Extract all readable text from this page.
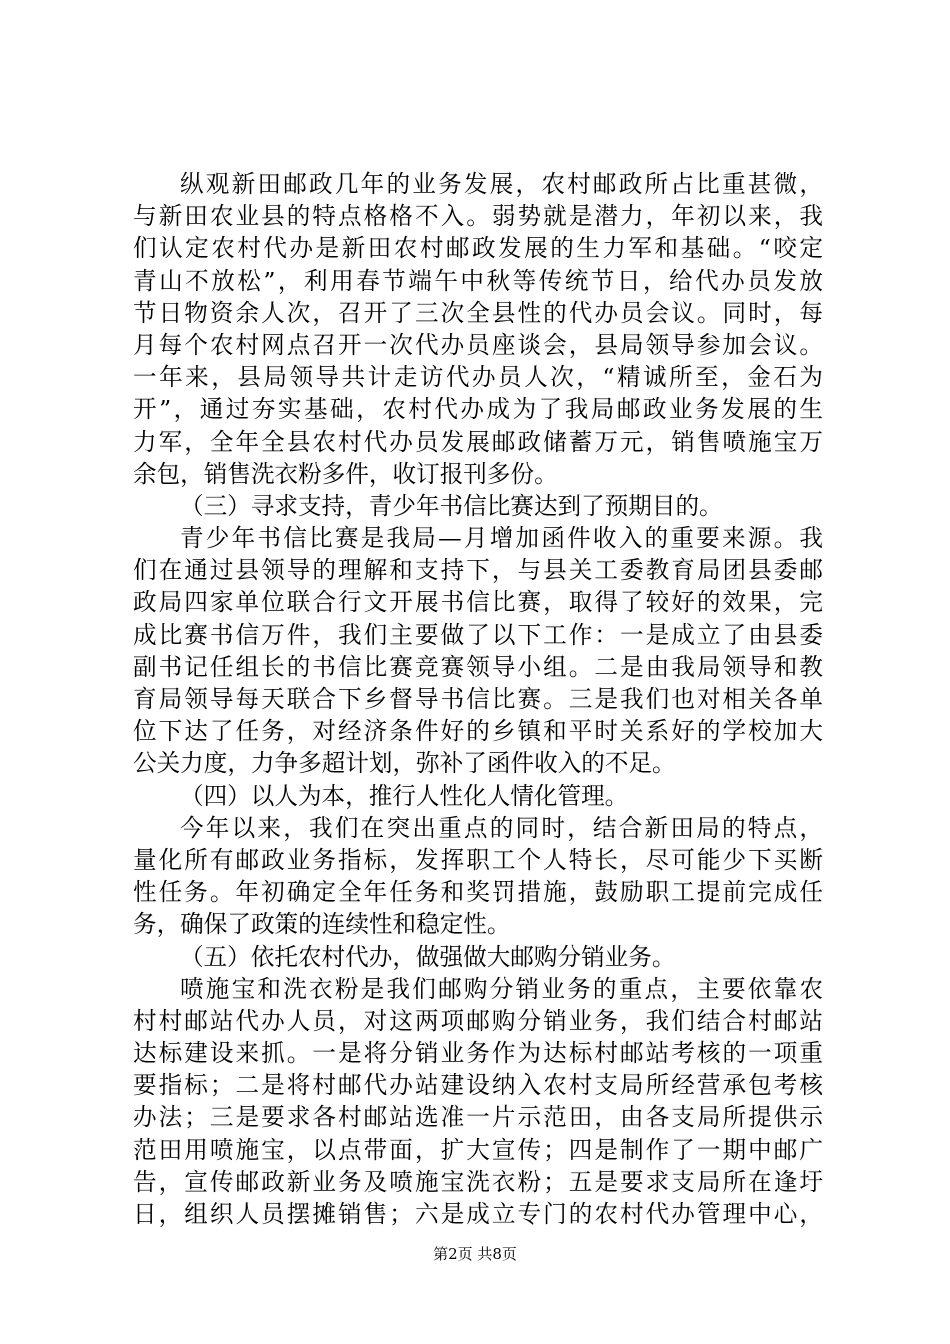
纵观新田邮政几年的业务发展，农村邮政所占比重甚微，
与新田农业县的特点格格不入。弱势就是潜力，年初以来，我
们认定农村代办是新田农村邮政发展的生力军和基础。“咬定
青山不放松”，利用春节端午中秋等传统节日，给代办员发放
节日物资余人次，召开了三次全县性的代办员会议。同时，每
月每个农村网点召开一次代办员座谈会，县局领导参加会议。
一年来，县局领导共计走访代办员人次，“精诚所至，金石为
开”，通过夯实基础，农村代办成为了我局邮政业务发展的生
力军，全年全县农村代办员发展邮政储蓄万元，销售喷施宝万
余包，销售洗衣粉多件，收订报刊多份。
（三）寻求支持，青少年书信比赛达到了预期目的。
青少年书信比赛是我局—月增加函件收入的重要来源。我
们在通过县领导的理解和支持下，与县关工委教育局团县委邮
政局四家单位联合行文开展书信比赛，取得了较好的效果，完
成比赛书信万件，我们主要做了以下工作：一是成立了由县委
副书记任组长的书信比赛竞赛领导小组。二是由我局领导和教
育局领导每天联合下乡督导书信比赛。三是我们也对相关各单
位下达了任务，对经济条件好的乡镇和平时关系好的学校加大
公关力度，力争多超计划，弥补了函件收入的不足。
（四）以人为本，推行人性化人情化管理。
今年以来，我们在突出重点的同时，结合新田局的特点，
量化所有邮政业务指标，发挥职工个人特长，尽可能少下买断
性任务。年初确定全年任务和奖罚措施，鼓励职工提前完成任
务，确保了政策的连续性和稳定性。
（五）依托农村代办，做强做大邮购分销业务。
喷施宝和洗衣粉是我们邮购分销业务的重点，主要依靠农
村村邮站代办人员，对这两项邮购分销业务，我们结合村邮站
达标建设来抓。一是将分销业务作为达标村邮站考核的一项重
要指标；二是将村邮代办站建设纳入农村支局所经营承包考核
办法；三是要求各村邮站选准一片示范田，由各支局所提供示
范田用喷施宝，以点带面，扩大宣传；四是制作了一期中邮广
告，宣传邮政新业务及喷施宝洗衣粉；五是要求支局所在逢圩
日，组织人员摆摊销售；六是成立专门的农村代办管理中心，
第2页 共8页
